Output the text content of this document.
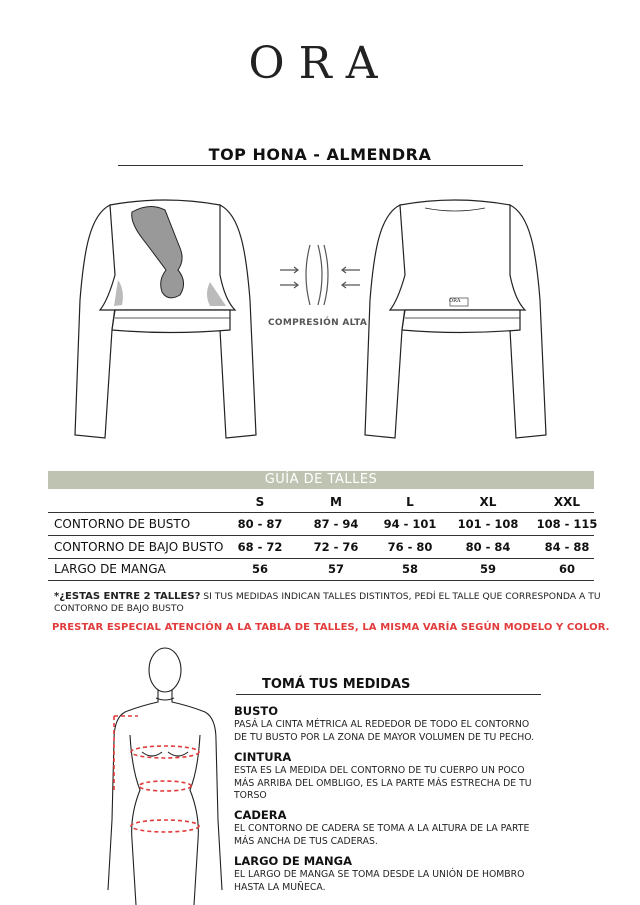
ORA
TOP HONA - ALMENDRA
ORA
COMPRESIÓN ALTA
GUÍA DE TALLES
S	M	L	XL	XXL
CONTORNO DE BUSTO	80 - 87	87 - 94	94 - 101	101 - 108	108 - 115
CONTORNO DE BAJO BUSTO	68 - 72	72 - 76	76 - 80	80 - 84	84 - 88
LARGO DE MANGA	56	57	58	59	60
*¿ESTAS ENTRE 2 TALLES? SI TUS MEDIDAS INDICAN TALLES DISTINTOS, PEDÍ EL TALLE QUE CORRESPONDA A TU CONTORNO DE BAJO BUSTO
PRESTAR ESPECIAL ATENCIÓN A LA TABLA DE TALLES, LA MISMA VARÍA SEGÚN MODELO Y COLOR.
TOMÁ TUS MEDIDAS
BUSTO
PASÁ LA CINTA MÉTRICA AL REDEDOR DE TODO EL CONTORNO DE TU BUSTO POR LA ZONA DE MAYOR VOLUMEN DE TU PECHO.
CINTURA
ESTA ES LA MEDIDA DEL CONTORNO DE TU CUERPO UN POCO MÁS ARRIBA DEL OMBLIGO, ES LA PARTE MÁS ESTRECHA DE TU TORSO
CADERA
EL CONTORNO DE CADERA SE TOMA A LA ALTURA DE LA PARTE MÁS ANCHA DE TUS CADERAS.
LARGO DE MANGA
EL LARGO DE MANGA SE TOMA DESDE LA UNIÓN DE HOMBRO HASTA LA MUÑECA.
